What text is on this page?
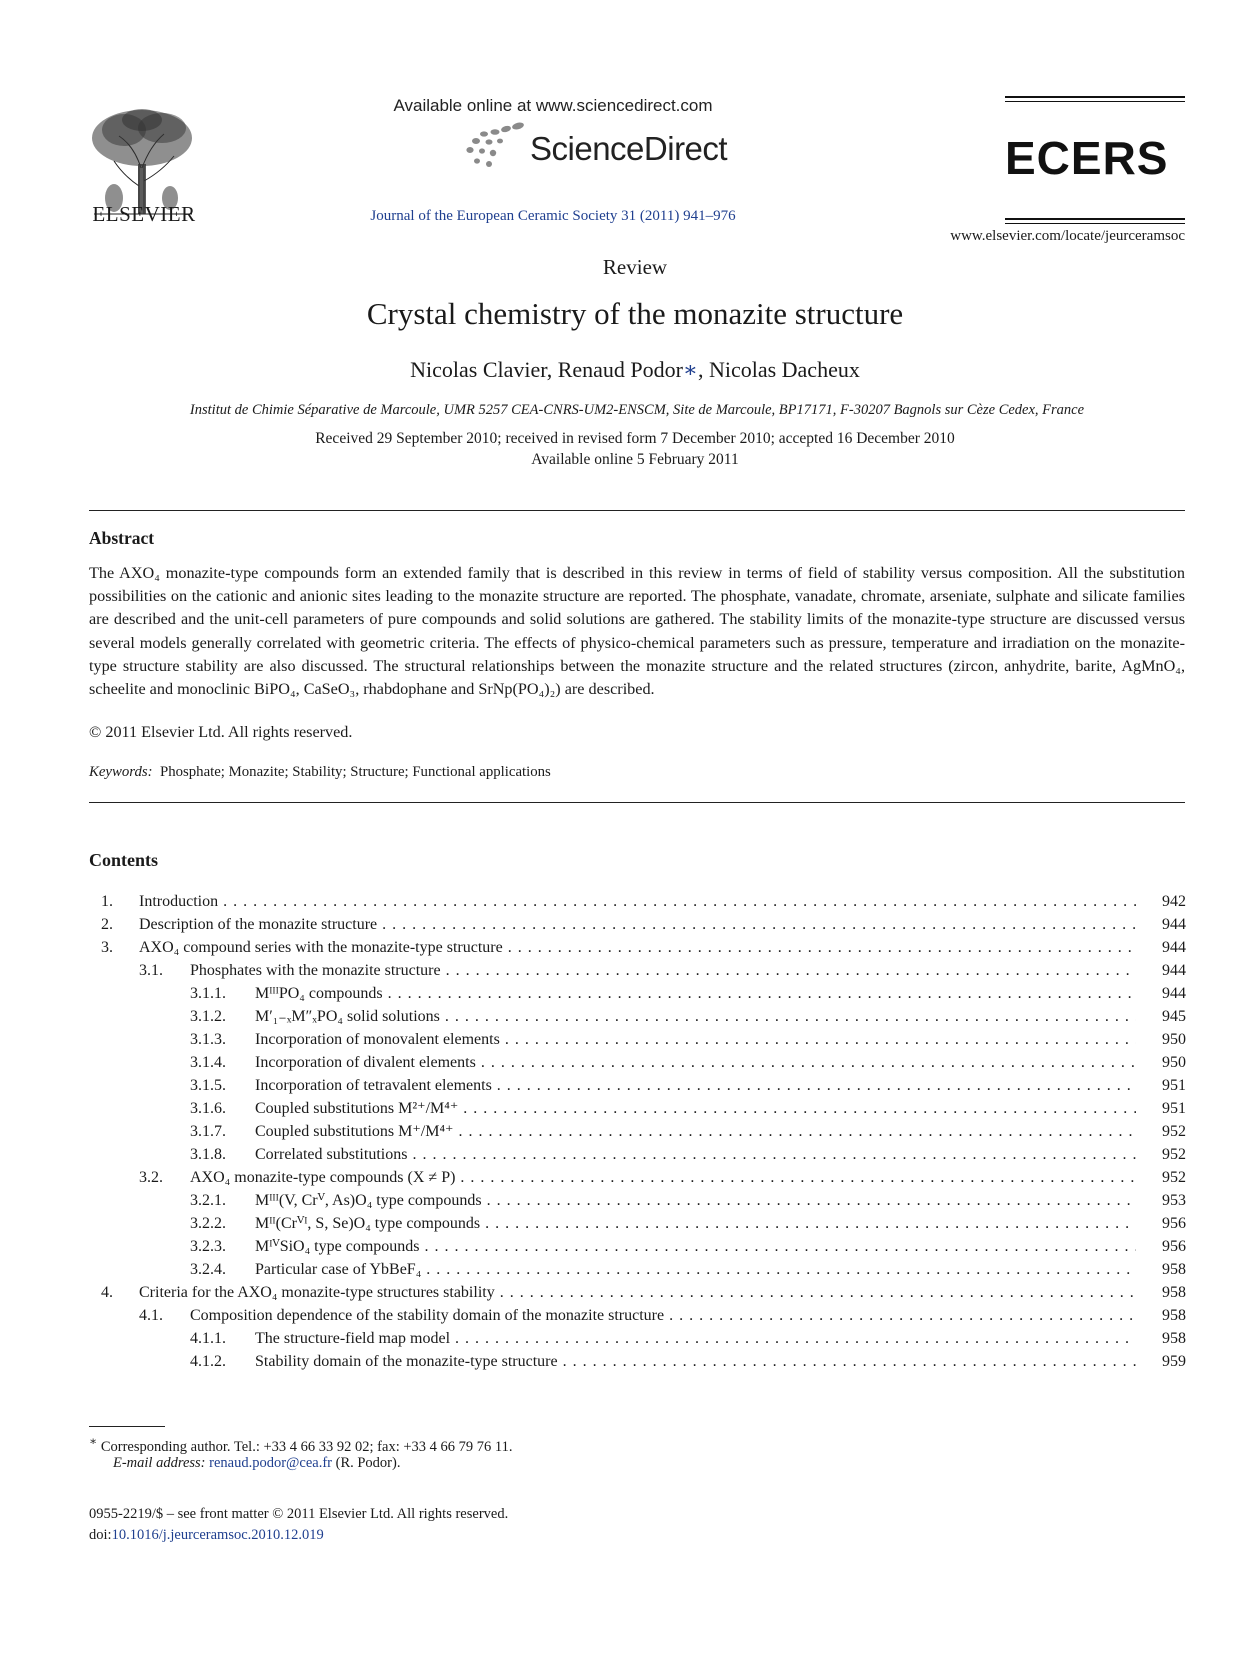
ELSEVIER
Available online at www.sciencedirect.com
ScienceDirect
Journal of the European Ceramic Society 31 (2011) 941–976
ECERS
www.elsevier.com/locate/jeurceramsoc
Review
Crystal chemistry of the monazite structure
Nicolas Clavier, Renaud Podor∗, Nicolas Dacheux
Institut de Chimie Séparative de Marcoule, UMR 5257 CEA-CNRS-UM2-ENSCM, Site de Marcoule, BP17171, F-30207 Bagnols sur Cèze Cedex, France
Received 29 September 2010; received in revised form 7 December 2010; accepted 16 December 2010
Available online 5 February 2011
Abstract
The AXO₄ monazite-type compounds form an extended family that is described in this review in terms of field of stability versus composition. All the substitution possibilities on the cationic and anionic sites leading to the monazite structure are reported. The phosphate, vanadate, chromate, arseniate, sulphate and silicate families are described and the unit-cell parameters of pure compounds and solid solutions are gathered. The stability limits of the monazite-type structure are discussed versus several models generally correlated with geometric criteria. The effects of physico-chemical parameters such as pressure, temperature and irradiation on the monazite-type structure stability are also discussed. The structural relationships between the monazite structure and the related structures (zircon, anhydrite, barite, AgMnO₄, scheelite and monoclinic BiPO₄, CaSeO₃, rhabdophane and SrNp(PO₄)₂) are described.
© 2011 Elsevier Ltd. All rights reserved.
Keywords: Phosphate; Monazite; Stability; Structure; Functional applications
Contents
1. Introduction . . .	942
2. Description of the monazite structure . . .	944
3. AXO₄ compound series with the monazite-type structure . . .	944
3.1. Phosphates with the monazite structure . . .	944
3.1.1. MᴵᴵᴵPO₄ compounds . . .	944
3.1.2. M′₁₋ₓM″ₓPO₄ solid solutions . . .	945
3.1.3. Incorporation of monovalent elements . . .	950
3.1.4. Incorporation of divalent elements . . .	950
3.1.5. Incorporation of tetravalent elements . . .	951
3.1.6. Coupled substitutions M²⁺/M⁴⁺ . . .	951
3.1.7. Coupled substitutions M⁺/M⁴⁺ . . .	952
3.1.8. Correlated substitutions . . .	952
3.2. AXO₄ monazite-type compounds (X ≠ P) . . .	952
3.2.1. Mᴵᴵᴵ(V, Crⱽ, As)O₄ type compounds . . .	953
3.2.2. Mᴵᴵ(Crⱽᴵ, S, Se)O₄ type compounds . . .	956
3.2.3. MᴵⱽSiO₄ type compounds . . .	956
3.2.4. Particular case of YbBeF₄ . . .	958
4. Criteria for the AXO₄ monazite-type structures stability . . .	958
4.1. Composition dependence of the stability domain of the monazite structure . . .	958
4.1.1. The structure-field map model . . .	958
4.1.2. Stability domain of the monazite-type structure . . .	959
∗ Corresponding author. Tel.: +33 4 66 33 92 02; fax: +33 4 66 79 76 11.
E-mail address: renaud.podor@cea.fr (R. Podor).
0955-2219/$ – see front matter © 2011 Elsevier Ltd. All rights reserved.
doi:10.1016/j.jeurceramsoc.2010.12.019
